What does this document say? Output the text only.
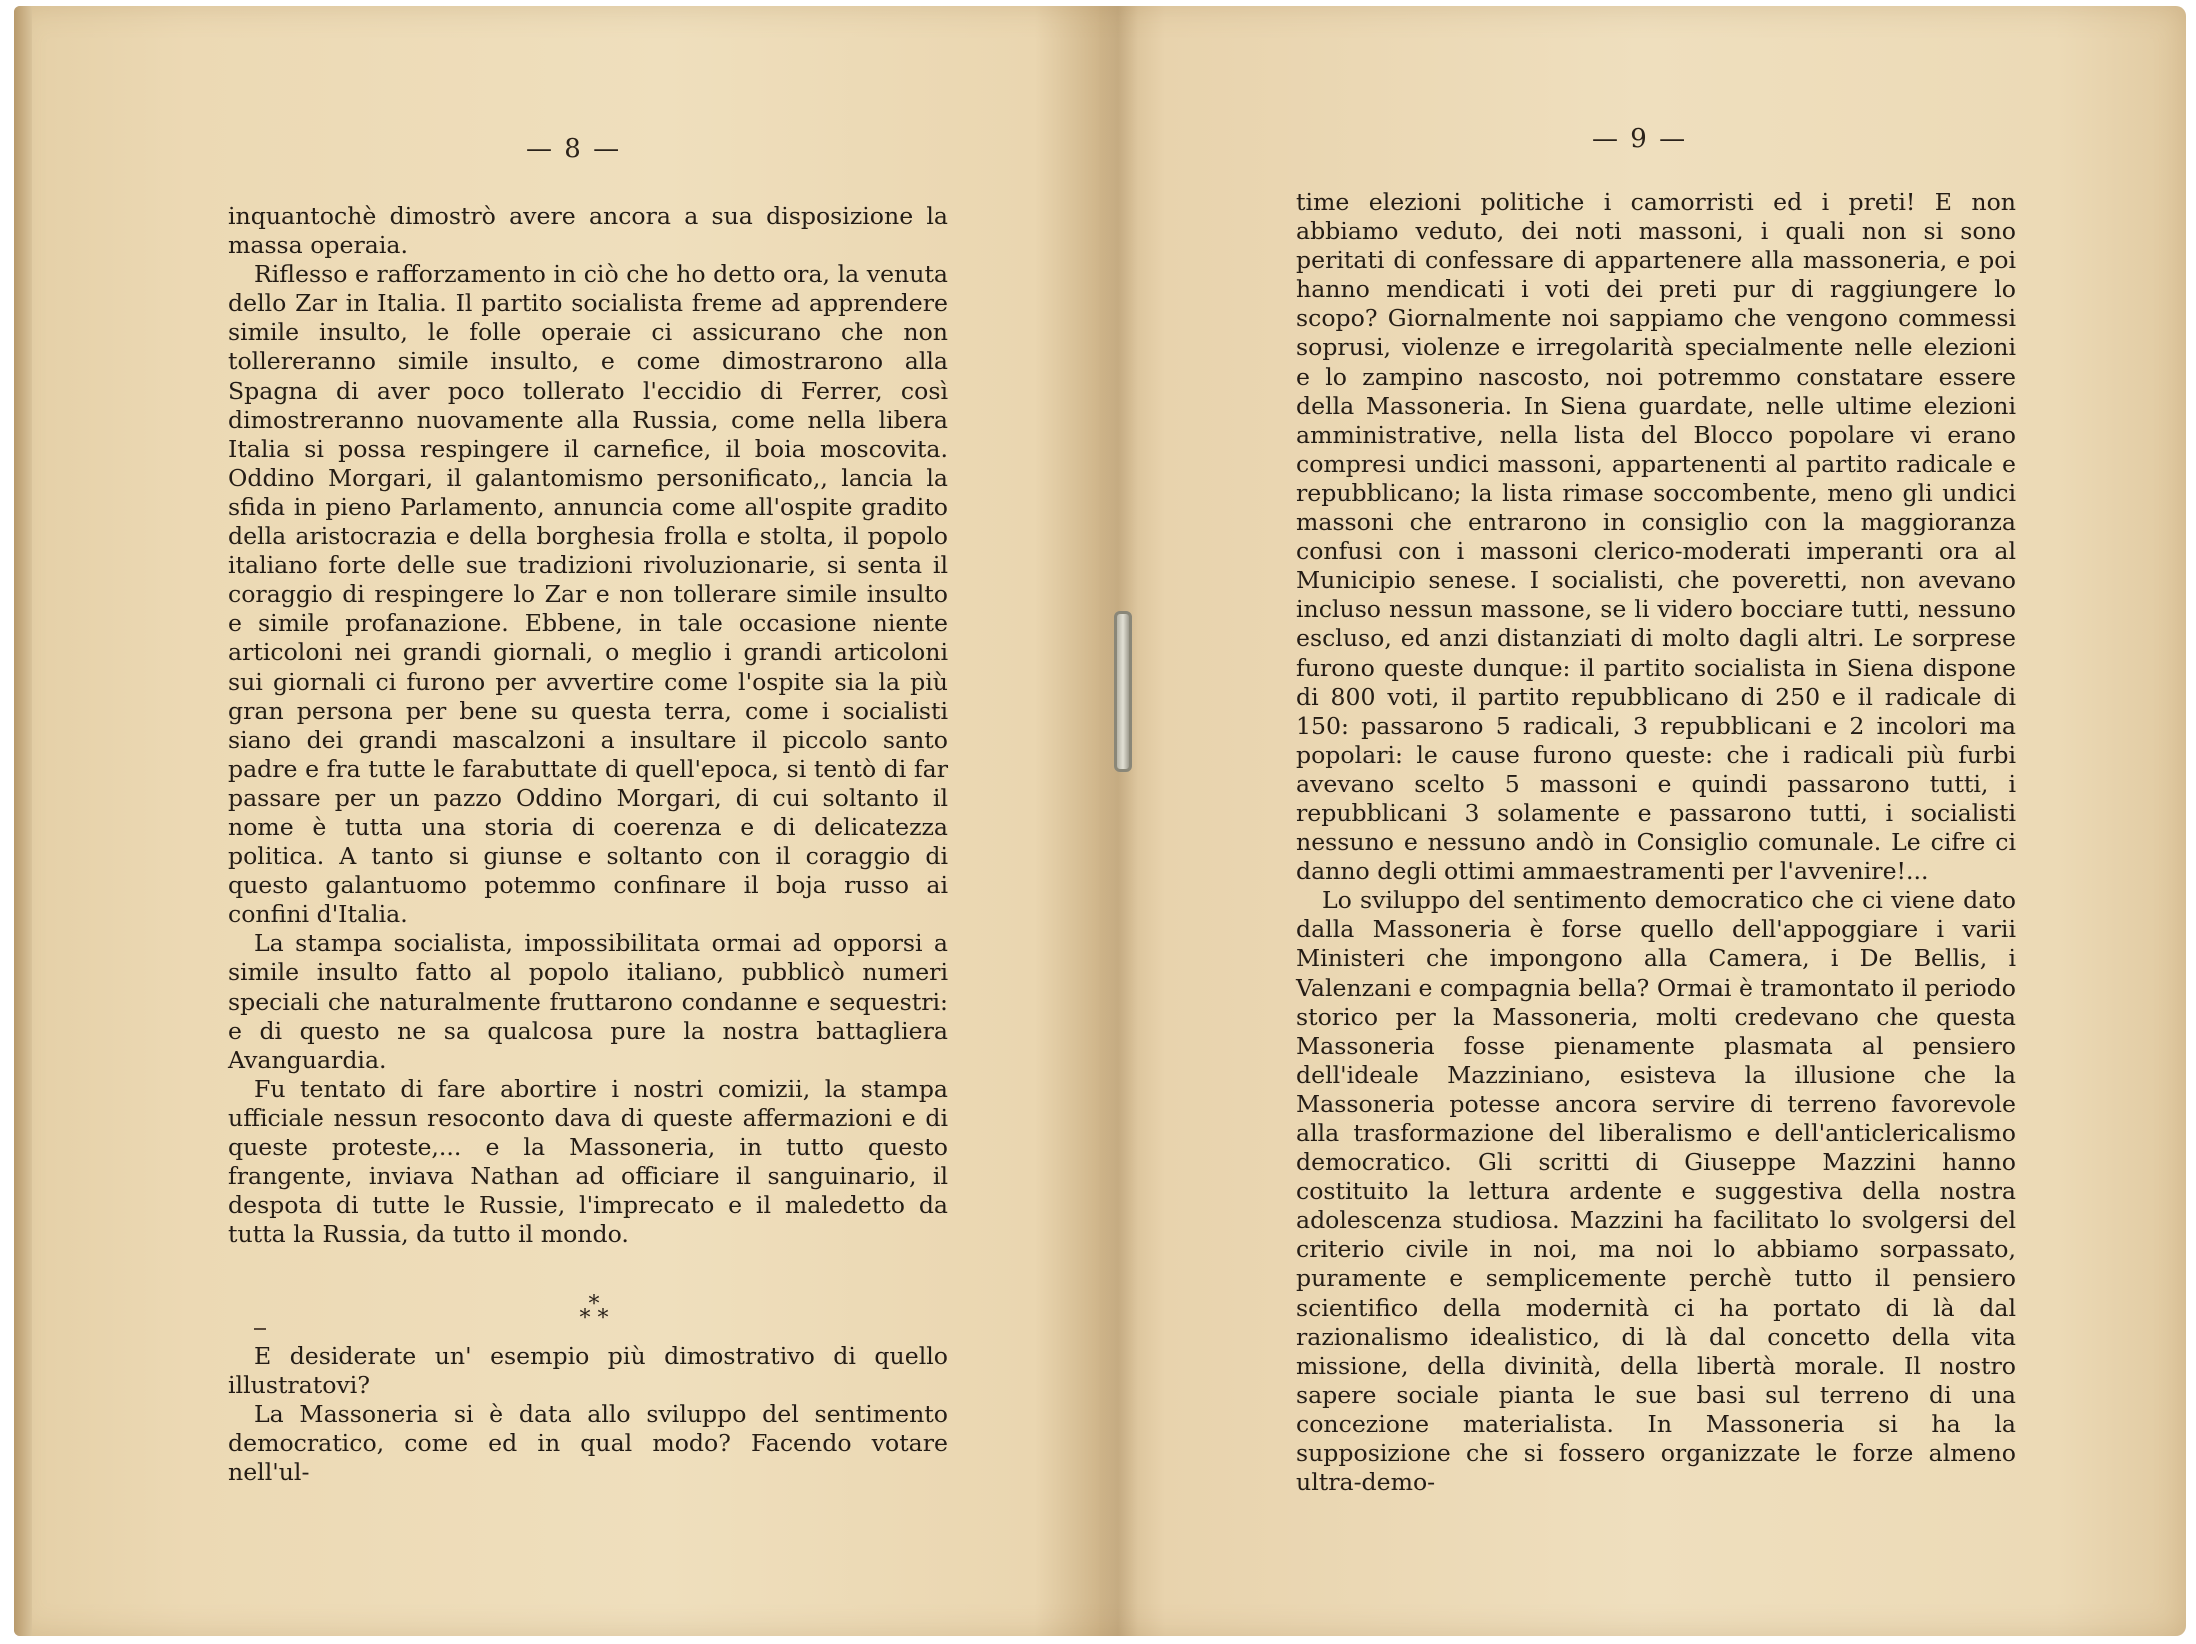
— 8 —

inquantochè dimostrò avere ancora a sua disposizione la massa operaia.

Riflesso e rafforzamento in ciò che ho detto ora, la venuta dello Zar in Italia. Il partito socialista freme ad apprendere simile insulto, le folle operaie ci assicurano che non tollereranno simile insulto, e come dimostrarono alla Spagna di aver poco tollerato l'eccidio di Ferrer, così dimostreranno nuovamente alla Russia, come nella libera Italia si possa respingere il carnefice, il boia moscovita. Oddino Morgari, il galantomismo personificato,, lancia la sfida in pieno Parlamento, annuncia come all'ospite gradito della aristocrazia e della borghesia frolla e stolta, il popolo italiano forte delle sue tradizioni rivoluzionarie, si senta il coraggio di respingere lo Zar e non tollerare simile insulto e simile profanazione. Ebbene, in tale occasione niente articoloni nei grandi giornali, o meglio i grandi articoloni sui giornali ci furono per avvertire come l'ospite sia la più gran persona per bene su questa terra, come i socialisti siano dei grandi mascalzoni a insultare il piccolo santo padre e fra tutte le farabuttate di quell'epoca, si tentò di far passare per un pazzo Oddino Morgari, di cui soltanto il nome è tutta una storia di coerenza e di delicatezza politica. A tanto si giunse e soltanto con il coraggio di questo galantuomo potemmo confinare il boja russo ai confini d'Italia.

La stampa socialista, impossibilitata ormai ad opporsi a simile insulto fatto al popolo italiano, pubblicò numeri speciali che naturalmente fruttarono condanne e sequestri: e di questo ne sa qualcosa pure la nostra battagliera Avanguardia.

Fu tentato di fare abortire i nostri comizii, la stampa ufficiale nessun resoconto dava di queste affermazioni e di queste proteste,... e la Massoneria, in tutto questo frangente, inviava Nathan ad officiare il sanguinario, il despota di tutte le Russie, l'imprecato e il maledetto da tutta la Russia, da tutto il mondo.

*
* *

E desiderate un' esempio più dimostrativo di quello illustratovi?

La Massoneria si è data allo sviluppo del sentimento democratico, come ed in qual modo? Facendo votare nell'ul-

— 9 —

time elezioni politiche i camorristi ed i preti! E non abbiamo veduto, dei noti massoni, i quali non si sono peritati di confessare di appartenere alla massoneria, e poi hanno mendicati i voti dei preti pur di raggiungere lo scopo? Giornalmente noi sappiamo che vengono commessi soprusi, violenze e irregolarità specialmente nelle elezioni e lo zampino nascosto, noi potremmo constatare essere della Massoneria. In Siena guardate, nelle ultime elezioni amministrative, nella lista del Blocco popolare vi erano compresi undici massoni, appartenenti al partito radicale e repubblicano; la lista rimase soccombente, meno gli undici massoni che entrarono in consiglio con la maggioranza confusi con i massoni clerico-moderati imperanti ora al Municipio senese. I socialisti, che poveretti, non avevano incluso nessun massone, se li videro bocciare tutti, nessuno escluso, ed anzi distanziati di molto dagli altri. Le sorprese furono queste dunque: il partito socialista in Siena dispone di 800 voti, il partito repubblicano di 250 e il radicale di 150: passarono 5 radicali, 3 repubblicani e 2 incolori ma popolari: le cause furono queste: che i radicali più furbi avevano scelto 5 massoni e quindi passarono tutti, i repubblicani 3 solamente e passarono tutti, i socialisti nessuno e nessuno andò in Consiglio comunale. Le cifre ci danno degli ottimi ammaestramenti per l'avvenire!...

Lo sviluppo del sentimento democratico che ci viene dato dalla Massoneria è forse quello dell'appoggiare i varii Ministeri che impongono alla Camera, i De Bellis, i Valenzani e compagnia bella? Ormai è tramontato il periodo storico per la Massoneria, molti credevano che questa Massoneria fosse pienamente plasmata al pensiero dell'ideale Mazziniano, esisteva la illusione che la Massoneria potesse ancora servire di terreno favorevole alla trasformazione del liberalismo e dell'anticlericalismo democratico. Gli scritti di Giuseppe Mazzini hanno costituito la lettura ardente e suggestiva della nostra adolescenza studiosa. Mazzini ha facilitato lo svolgersi del criterio civile in noi, ma noi lo abbiamo sorpassato, puramente e semplicemente perchè tutto il pensiero scientifico della modernità ci ha portato di là dal razionalismo idealistico, di là dal concetto della vita missione, della divinità, della libertà morale. Il nostro sapere sociale pianta le sue basi sul terreno di una concezione materialista. In Massoneria si ha la supposizione che si fossero organizzate le forze almeno ultra-demo-
